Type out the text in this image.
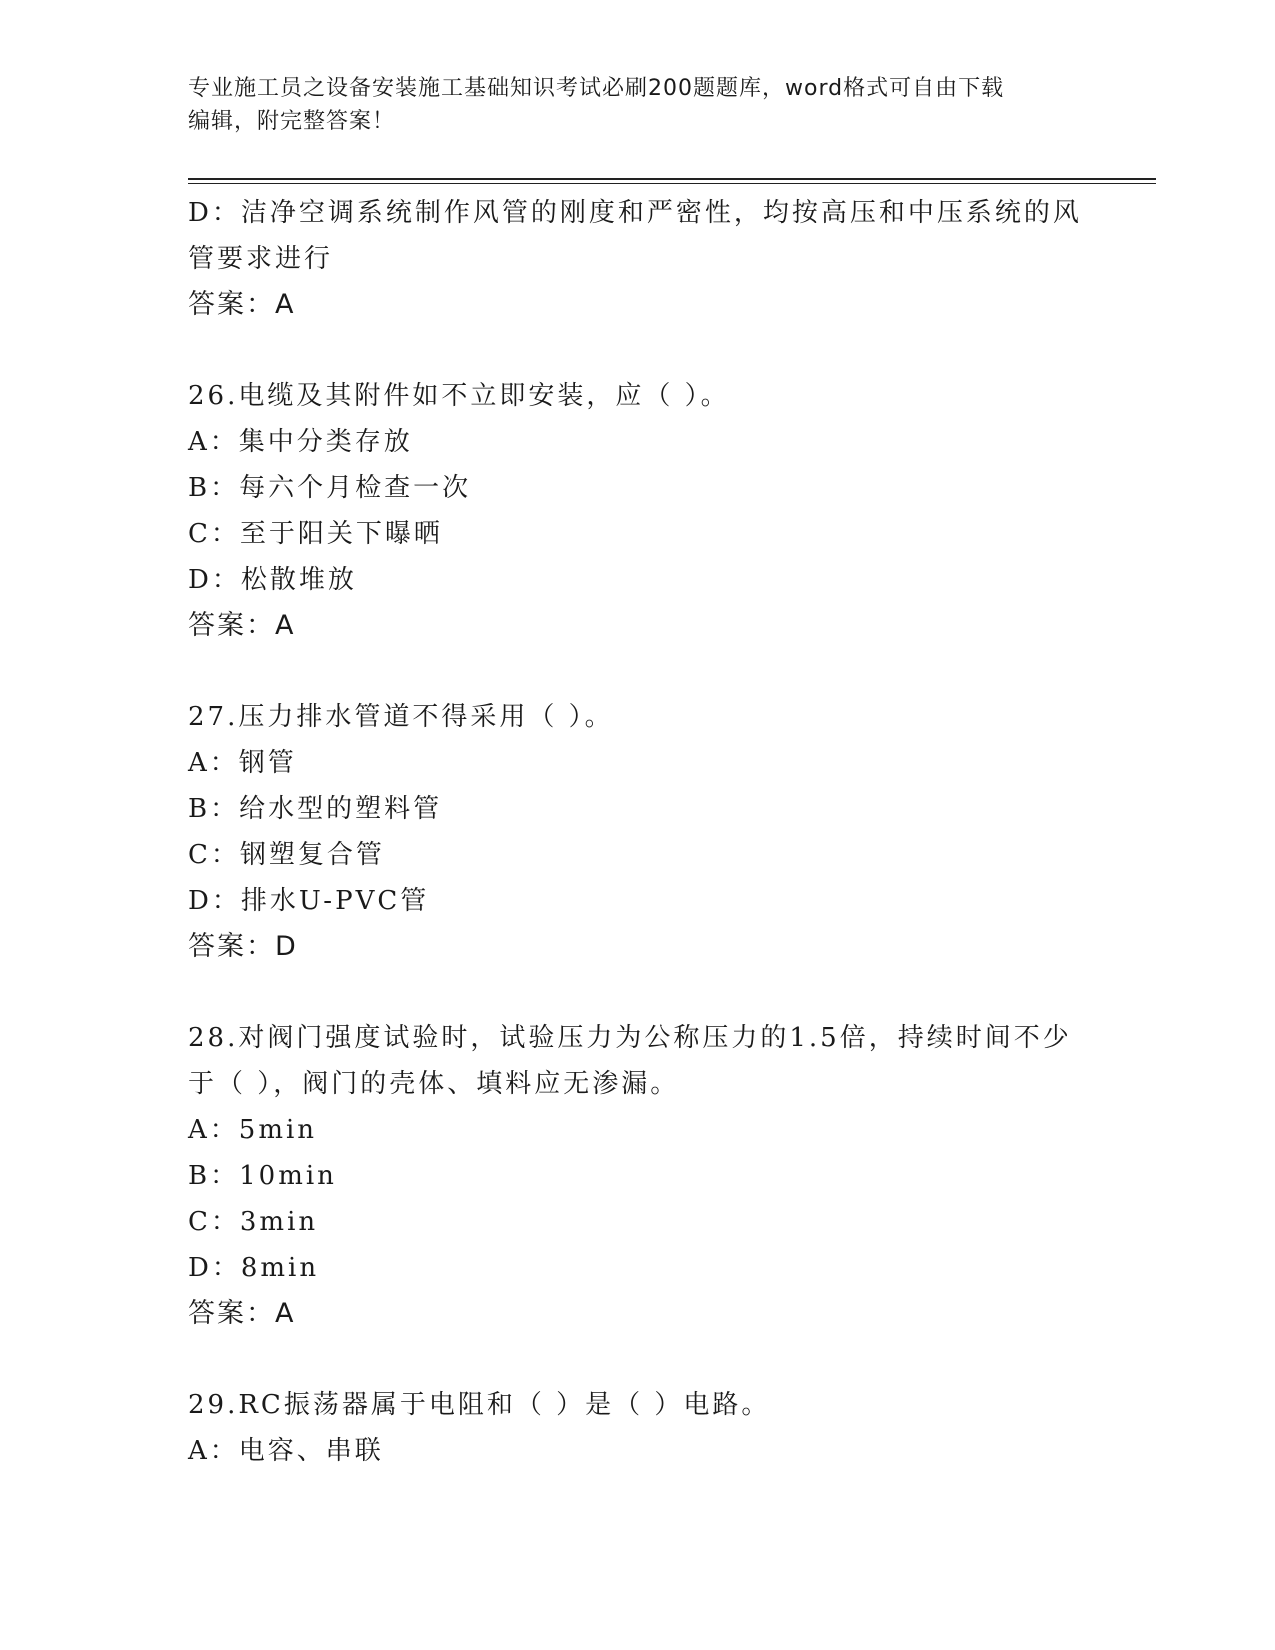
专业施工员之设备安装施工基础知识考试必刷200题题库，word格式可自由下载
编辑，附完整答案！
D：洁净空调系统制作风管的刚度和严密性，均按高压和中压系统的风
管要求进行
答案：A
26.电缆及其附件如不立即安装，应（ ）。
A：集中分类存放
B：每六个月检查一次
C：至于阳关下曝晒
D：松散堆放
答案：A
27.压力排水管道不得采用（ ）。
A：钢管
B：给水型的塑料管
C：钢塑复合管
D：排水U-PVC管
答案：D
28.对阀门强度试验时，试验压力为公称压力的1.5倍，持续时间不少
于（ ），阀门的壳体、填料应无渗漏。
A：5min
B：10min
C：3min
D：8min
答案：A
29.RC振荡器属于电阻和（ ）是（ ）电路。
A：电容、串联
